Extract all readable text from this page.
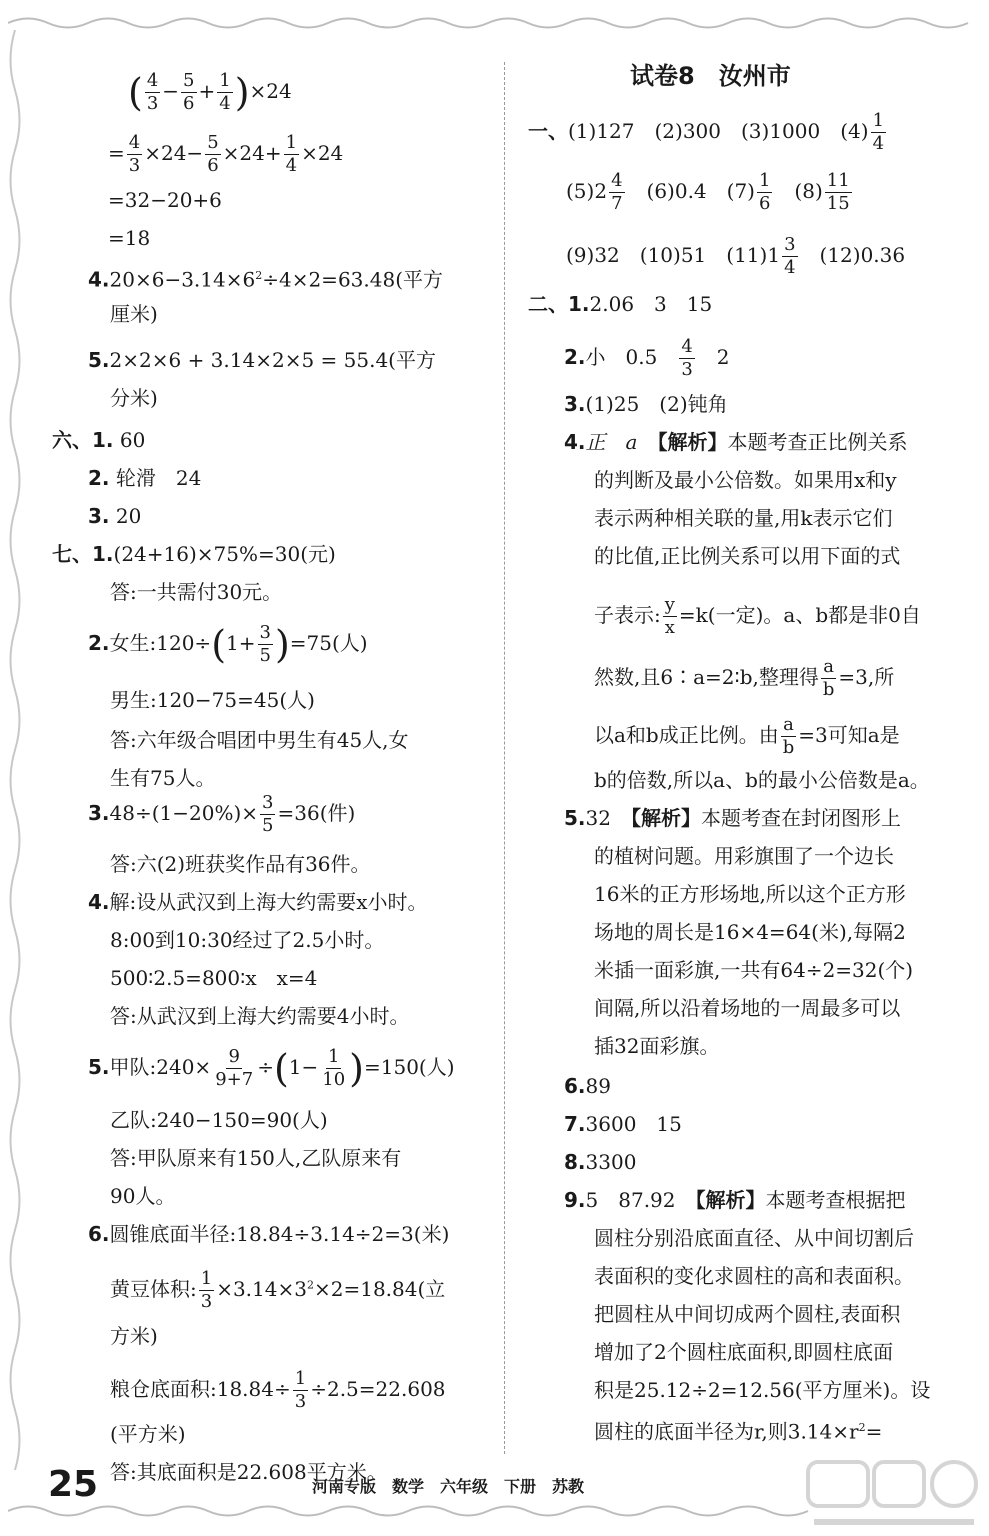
( $\frac{4}{3} - \frac{5}{6} + \frac{1}{4} )\times 24$
= $\frac{4}{3} \times 24- \frac{5}{6} \times 24+ \frac{1}{4} \times 24$
=32−20+6
=18
$4.20\times 6-3.14\times 6^2\div 4\times 2=63.48$(平方
厘米)
5.2×2×6 + 3.14×2×5 = 55.4(平方
分米)
六、1. 60
2. 轮滑　24
3. 20
七、1.(24+16)×75%=30(元)
答:一共需付30元。
2.女生:120÷(1+ $\frac{3}{5} )=75$(人)
男生:120−75=45(人)
答:六年级合唱团中男生有45人,女
生有75人。
$3.48\div(1-20\%)\times \frac{3}{5} =36$(件)
答:六(2)班获奖作品有36件。
4.解:设从武汉到上海大约需要x小时。
8:00到10:30经过了2.5小时。
500∶2.5=800∶x　x=4
答:从武汉到上海大约需要4小时。
5.甲队:240× $\frac{9}{9+7} \div(1- \frac{1}{10} )=150$(人)
乙队:240−150=90(人)
答:甲队原来有150人,乙队原来有
90人。
6.圆锥底面半径:18.84÷3.14÷2=3(米)
黄豆体积: $\frac{1}{3} \times 3.14\times 3^2\times 2=18.84$(立
方米)
粮仓底面积:18.84÷ $\frac{1}{3} \div 2.5=22.608$
(平方米)
答:其底面积是22.608平方米。
试卷8　汝州市
一、(1)127　(2)300　(3)1000　$(4) \frac{1}{4}$
$(5)2 \frac{4}{7}$ 　(6)0.4　$(7) \frac{1}{6}$ 　$(8) \frac{11}{15}$
(9)32　(10)51　$(11)1 \frac{3}{4}$ 　(12)0.36
二、1.2.06　3　15
2.小　0.5　 $\frac{4}{3}$ 　2
3.(1)25　(2)钝角
4.正　a　【解析】本题考查正比例关系
的判断及最小公倍数。如果用x和y
表示两种相关联的量,用k表示它们
的比值,正比例关系可以用下面的式
子表示: $\frac{y}{x} =k$(一定)。a、b都是非0自
然数,且6∶a=2∶b,整理得 $\frac{a}{b} =3$,所
以a和b成正比例。由 $\frac{a}{b} =3$可知a是
b的倍数,所以a、b的最小公倍数是a。
5.32　【解析】本题考查在封闭图形上
的植树问题。用彩旗围了一个边长
16米的正方形场地,所以这个正方形
场地的周长是16×4=64(米),每隔2
米插一面彩旗,一共有64÷2=32(个)
间隔,所以沿着场地的一周最多可以
插32面彩旗。
6.89
7.3600　15
8.3300
9.5　87.92　【解析】本题考查根据把
圆柱分别沿底面直径、从中间切割后
表面积的变化求圆柱的高和表面积。
把圆柱从中间切成两个圆柱,表面积
增加了2个圆柱底面积,即圆柱底面
积是25.12÷2=12.56(平方厘米)。设
圆柱的底面半径为r,则$3.14\times r^2=$
25	河南专版　数学　六年级　下册　苏教
